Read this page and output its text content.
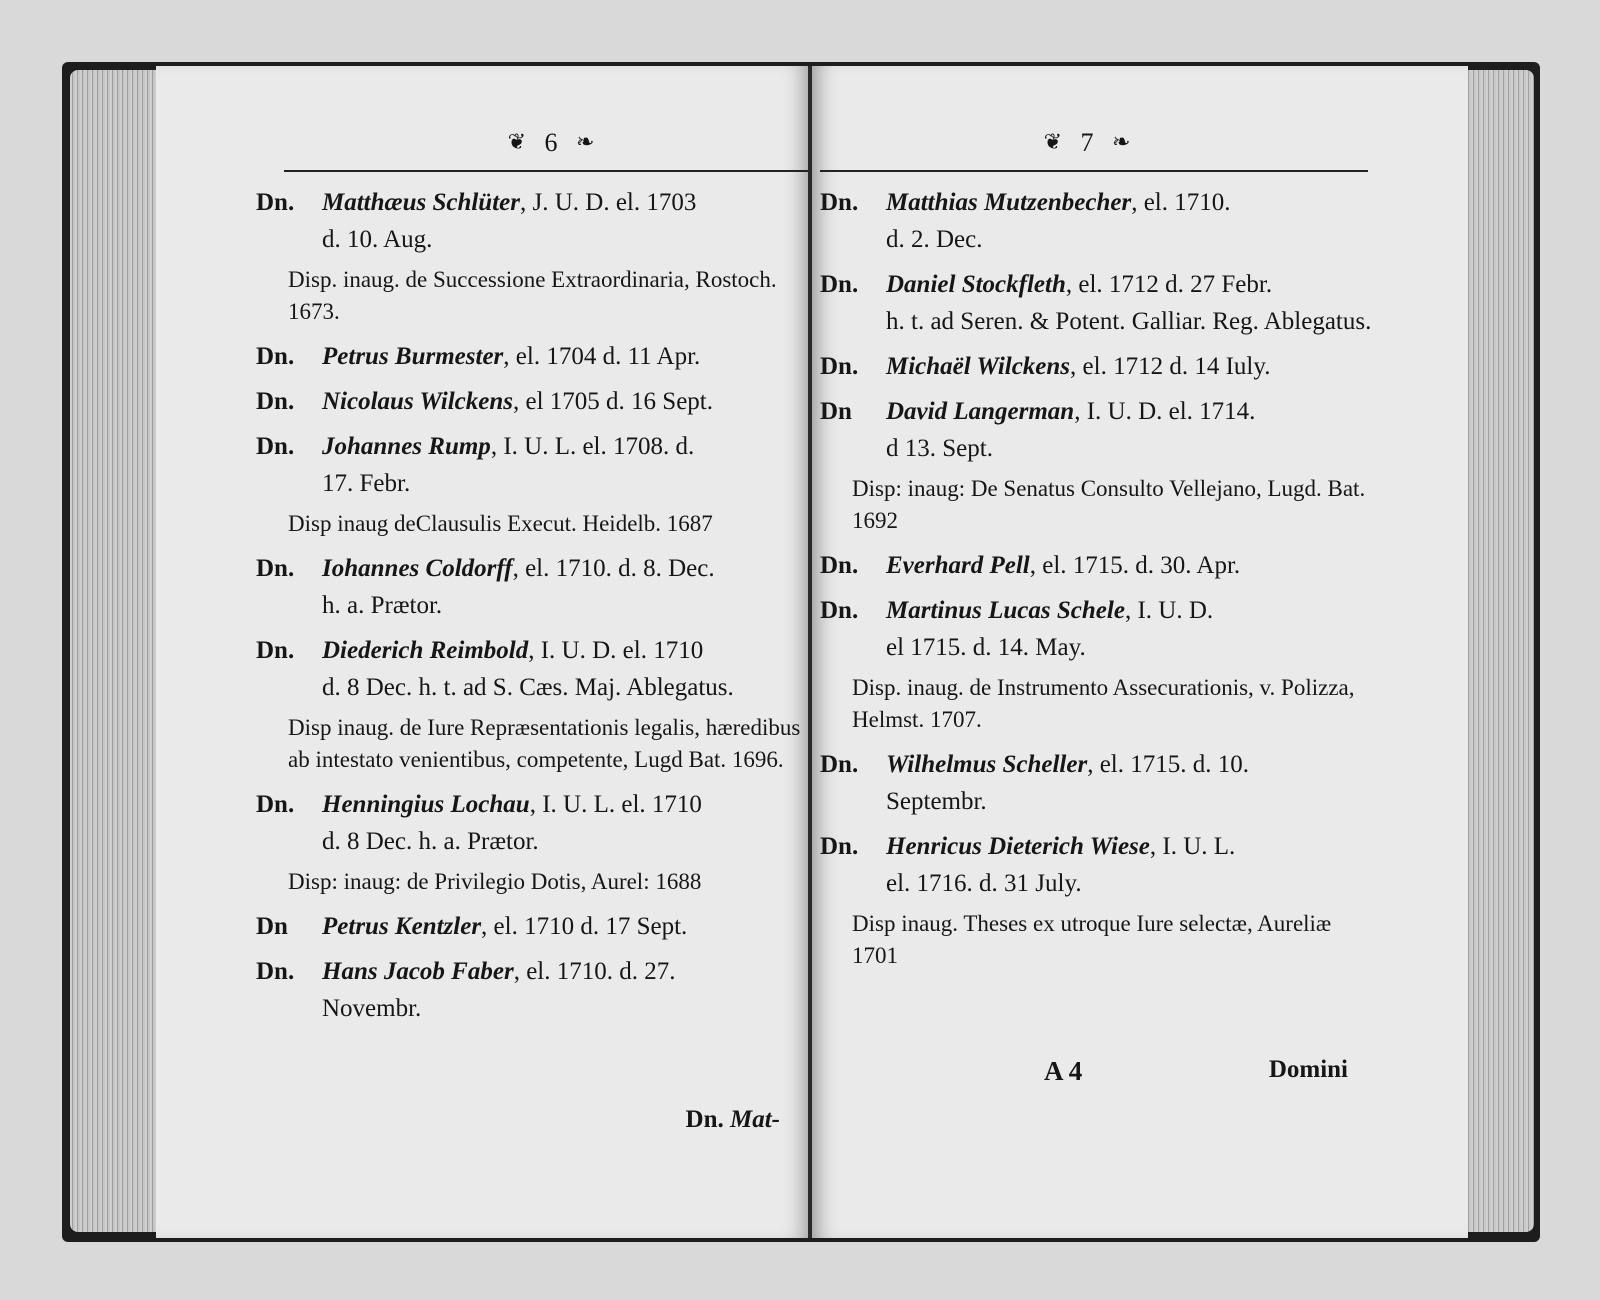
❦ 6 ❧
Dn. Matthæus Schlüter, J. U. D. el. 1703
d. 10. Aug.
Disp. inaug. de Successione Extraordinaria, Rostoch. 1673.
Dn. Petrus Burmester, el. 1704 d. 11 Apr.
Dn. Nicolaus Wilckens, el 1705 d. 16 Sept.
Dn. Johannes Rump, I. U. L. el. 1708. d.
17. Febr.
Disp inaug deClausulis Execut. Heidelb. 1687
Dn. Iohannes Coldorff, el. 1710. d. 8. Dec.
h. a. Prætor.
Dn. Diederich Reimbold, I. U. D. el. 1710
d. 8 Dec. h. t. ad S. Cæs. Maj. Ablegatus.
Disp inaug. de Iure Repræsentationis legalis, hæredibus ab intestato venientibus, competente, Lugd Bat. 1696.
Dn. Henningius Lochau, I. U. L. el. 1710
d. 8 Dec. h. a. Prætor.
Disp: inaug: de Privilegio Dotis, Aurel: 1688
Dn Petrus Kentzler, el. 1710 d. 17 Sept.
Dn. Hans Jacob Faber, el. 1710. d. 27.
Novembr.
Dn. Mat-
❦ 7 ❧
Dn. Matthias Mutzenbecher, el. 1710.
d. 2. Dec.
Dn. Daniel Stockfleth, el. 1712 d. 27 Febr.
h. t. ad Seren. & Potent. Galliar. Reg. Ablegatus.
Dn. Michaël Wilckens, el. 1712 d. 14 Iuly.
Dn David Langerman, I. U. D. el. 1714.
d 13. Sept.
Disp: inaug: De Senatus Consulto Vellejano, Lugd. Bat. 1692
Dn. Everhard Pell, el. 1715. d. 30. Apr.
Dn. Martinus Lucas Schele, I. U. D.
el 1715. d. 14. May.
Disp. inaug. de Instrumento Assecurationis, v. Polizza, Helmst. 1707.
Dn. Wilhelmus Scheller, el. 1715. d. 10.
Septembr.
Dn. Henricus Dieterich Wiese, I. U. L.
el. 1716. d. 31 July.
Disp inaug. Theses ex utroque Iure selectæ, Aureliæ 1701
A 4	Domini
